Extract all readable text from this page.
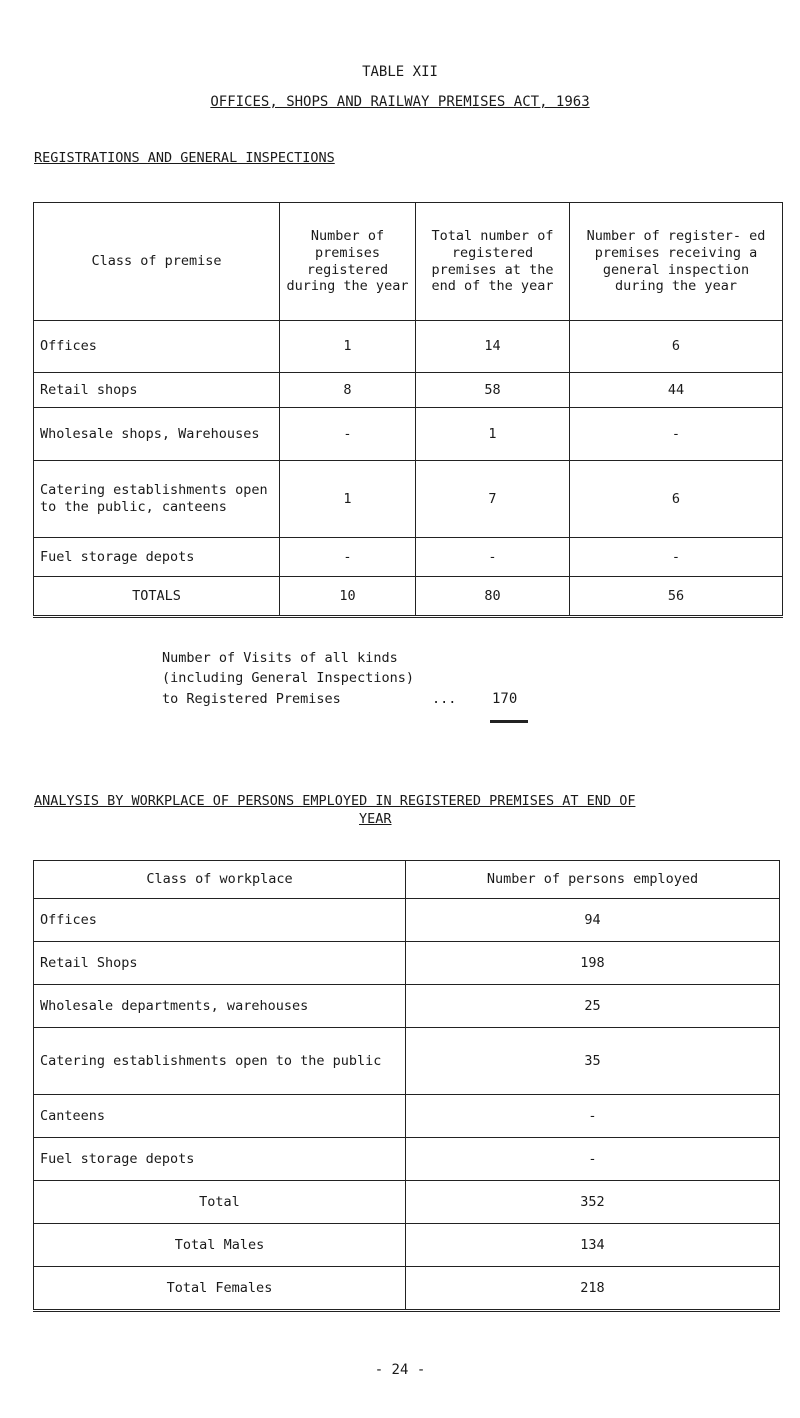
TABLE XII
OFFICES, SHOPS AND RAILWAY PREMISES ACT, 1963
REGISTRATIONS AND GENERAL INSPECTIONS
Class of premise	Number of premises registered during the year	Total number of registered premises at the end of the year	Number of register- ed premises receiving a general inspection during the year
Offices	1	14	6
Retail shops	8	58	44
Wholesale shops, Warehouses	-	1	-
Catering establishments open to the public, canteens	1	7	6
Fuel storage depots	-	-	-
TOTALS	10	80	56
Number of Visits of all kinds
(including General Inspections)
to Registered Premises	...	170
ANALYSIS BY WORKPLACE OF PERSONS EMPLOYED IN REGISTERED PREMISES AT END OF
YEAR
Class of workplace	Number of persons employed
Offices	94
Retail Shops	198
Wholesale departments, warehouses	25
Catering establishments open to the public	35
Canteens	-
Fuel storage depots	-
Total	352
Total Males	134
Total Females	218
- 24 -
